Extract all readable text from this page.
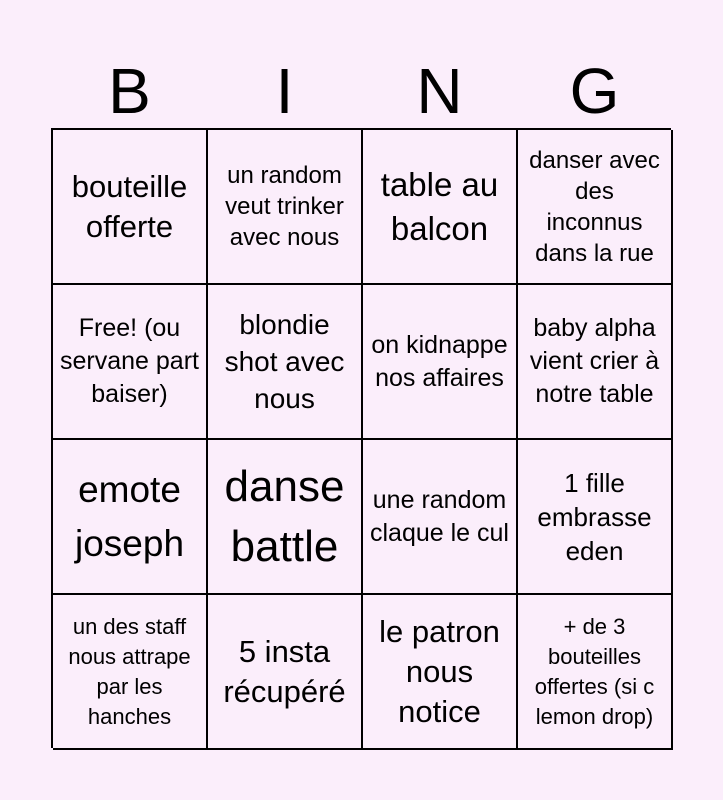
B	I	N	G
bouteille offerte
un random veut trinker avec nous
table au balcon
danser avec des inconnus dans la rue
Free! (ou servane part baiser)
blondie shot avec nous
on kidnappe nos affaires
baby alpha vient crier à notre table
emote joseph
danse battle
une random claque le cul
1 fille embrasse eden
un des staff nous attrape par les hanches
5 insta récupéré
le patron nous notice
+ de 3 bouteilles offertes (si c lemon drop)
